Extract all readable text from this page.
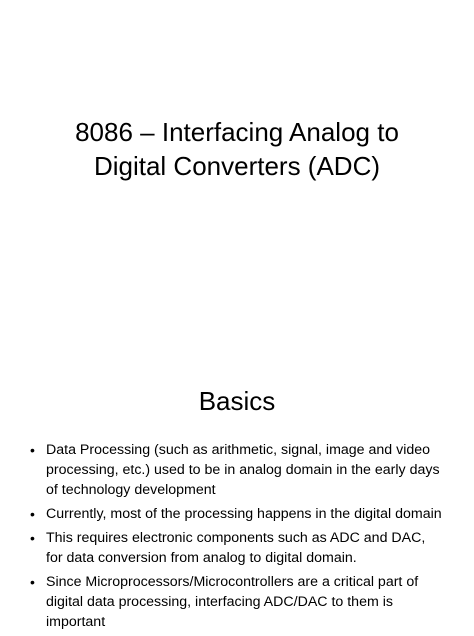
8086 – Interfacing Analog to
Digital Converters (ADC)
Basics
• Data Processing (such as arithmetic, signal, image and video processing, etc.) used to be in analog domain in the early days of technology development
• Currently, most of the processing happens in the digital domain
• This requires electronic components such as ADC and DAC, for data conversion from analog to digital domain.
• Since Microprocessors/Microcontrollers are a critical part of digital data processing, interfacing ADC/DAC to them is important
